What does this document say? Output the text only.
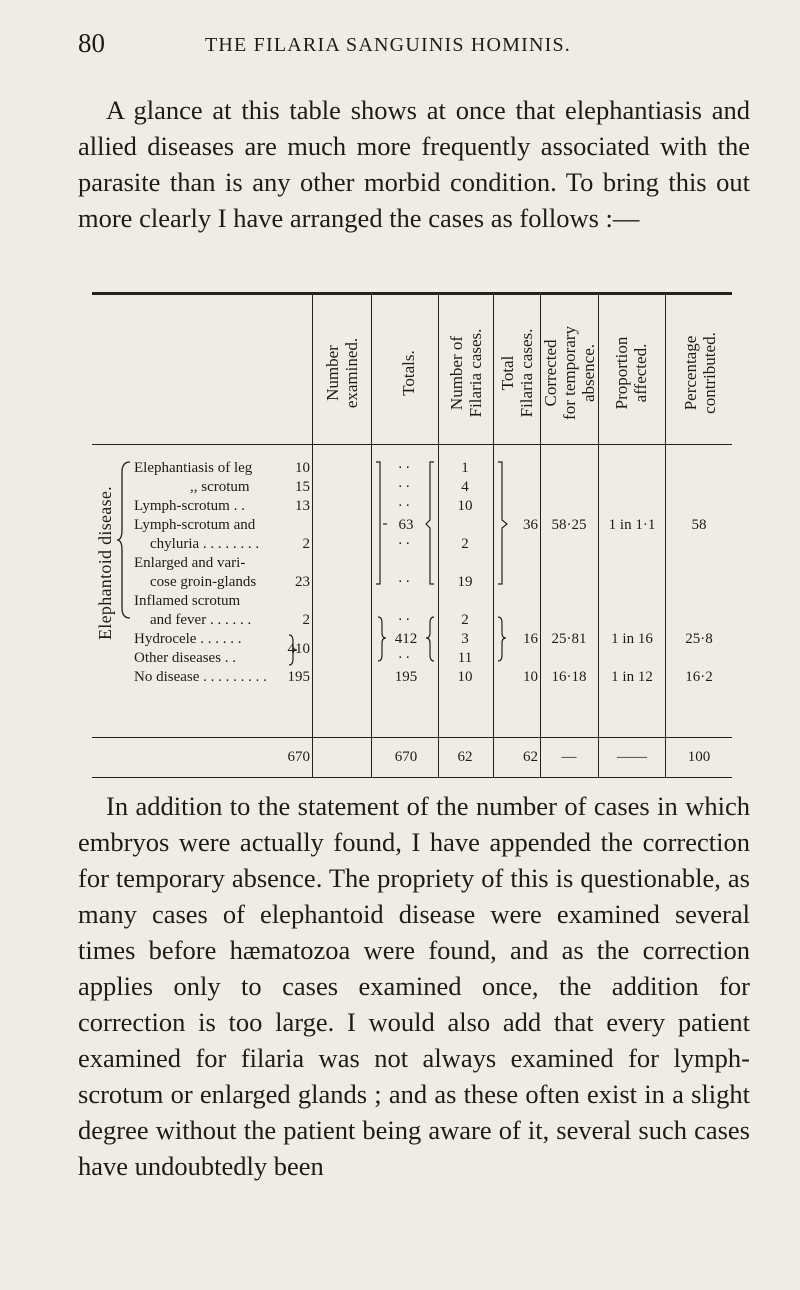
80	THE FILARIA SANGUINIS HOMINIS.

A glance at this table shows at once that elephantiasis and allied diseases are much more frequently associated with the parasite than is any other morbid condition. To bring this out more clearly I have arranged the cases as follows :—

Number examined. Totals. Number of Filaria cases. Total Filaria cases. Corrected for temporary absence. Proportion affected. Percentage contributed.
Elephantoid disease.
Elephantiasis of leg
,, scrotum
Lymph-scrotum . .
Lymph-scrotum and
chyluria . . . . . . . .
Enlarged and vari-
cose groin-glands
Inflamed scrotum
and fever . . . . . .
Hydrocele . . . . . .
Other diseases . .
No disease . . . . . . . . .
10
15
13
2
23
2
410
195
670
. .
. .
. .
. .
. .
63
. .
412
. .
195
670
1
4
10
2
19
2
3
11
10
62
36
16
10
62
58·25
25·81
16·18
—
1 in 1·1
1 in 16
1 in 12
——
58
25·8
16·2
100

In addition to the statement of the number of cases in which embryos were actually found, I have appended the correction for temporary absence. The propriety of this is questionable, as many cases of elephantoid disease were examined several times before hæmatozoa were found, and as the correction applies only to cases examined once, the addition for correction is too large. I would also add that every patient examined for filaria was not always examined for lymph-scrotum or enlarged glands ; and as these often exist in a slight degree without the patient being aware of it, several such cases have undoubtedly been
